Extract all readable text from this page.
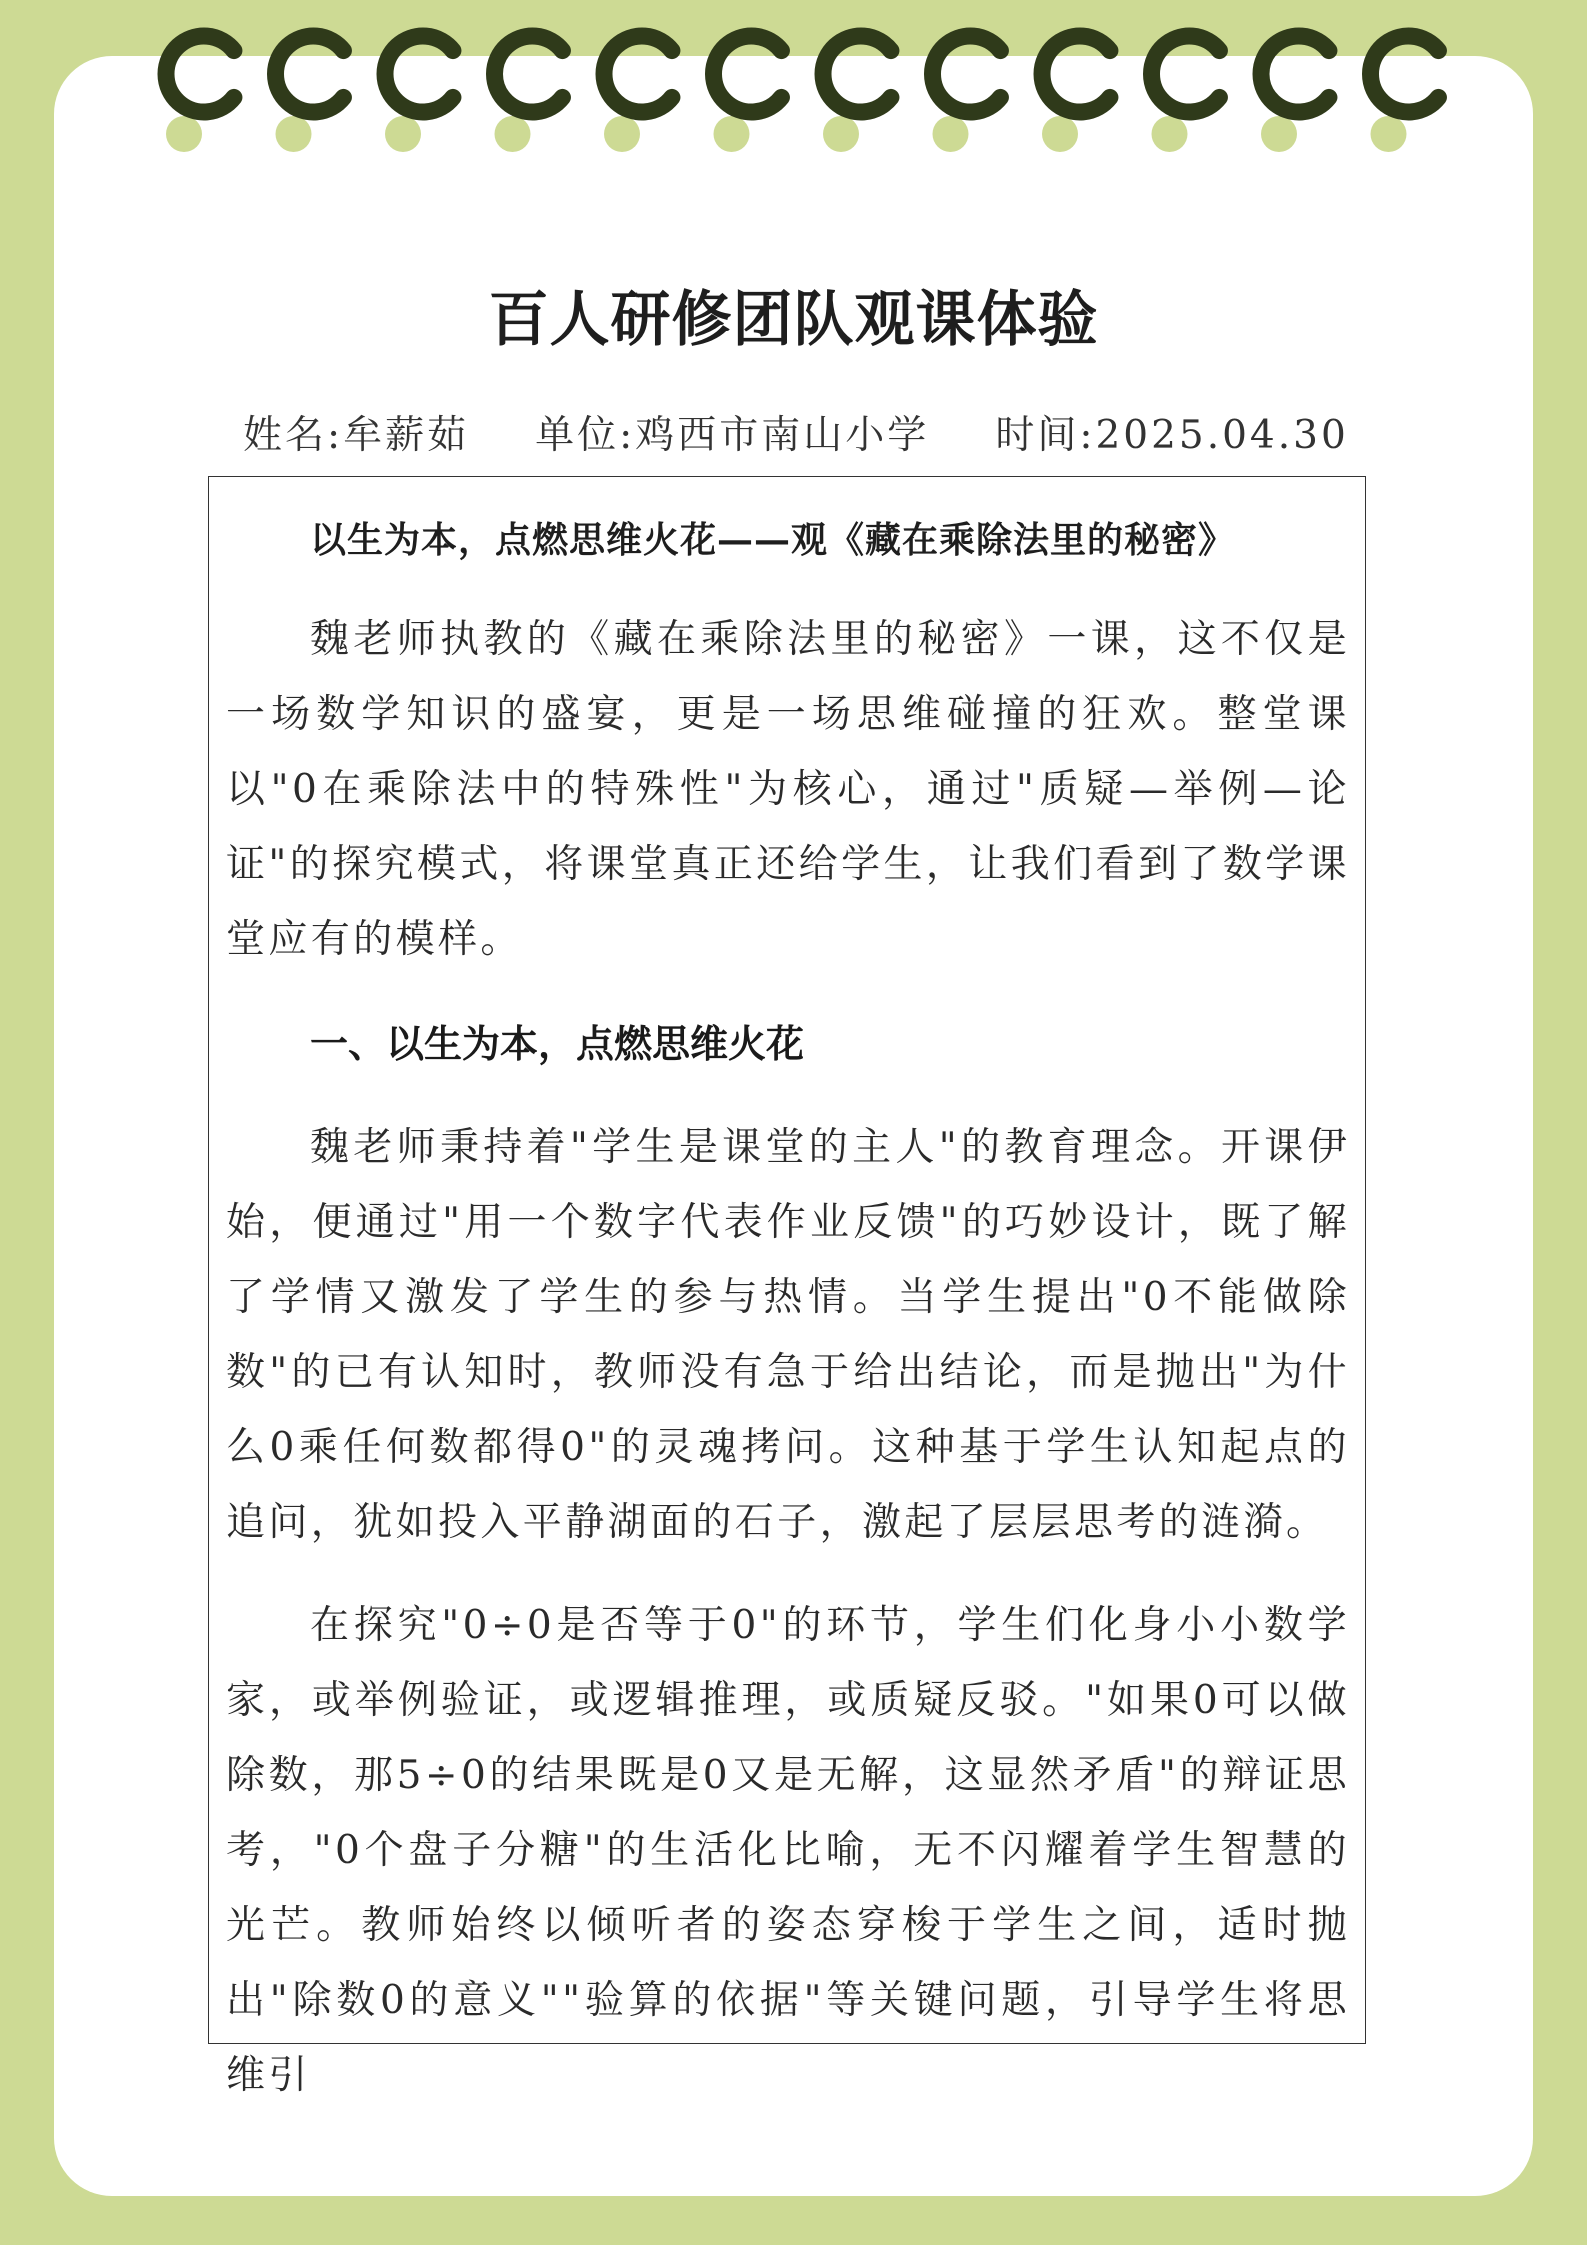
百人研修团队观课体验
姓名:牟薪茹 单位:鸡西市南山小学 时间:2025.04.30
以生为本，点燃思维火花——观《藏在乘除法里的秘密》

魏老师执教的《藏在乘除法里的秘密》一课，这不仅是一场数学知识的盛宴，更是一场思维碰撞的狂欢。整堂课以"0在乘除法中的特殊性"为核心，通过"质疑—举例—论证"的探究模式，将课堂真正还给学生，让我们看到了数学课堂应有的模样。

一、以生为本，点燃思维火花

魏老师秉持着"学生是课堂的主人"的教育理念。开课伊始，便通过"用一个数字代表作业反馈"的巧妙设计，既了解了学情又激发了学生的参与热情。当学生提出"0不能做除数"的已有认知时，教师没有急于给出结论，而是抛出"为什么0乘任何数都得0"的灵魂拷问。这种基于学生认知起点的追问，犹如投入平静湖面的石子，激起了层层思考的涟漪。

在探究"0÷0是否等于0"的环节，学生们化身小小数学家，或举例验证，或逻辑推理，或质疑反驳。"如果0可以做除数，那5÷0的结果既是0又是无解，这显然矛盾"的辩证思考，"0个盘子分糖"的生活化比喻，无不闪耀着学生智慧的光芒。教师始终以倾听者的姿态穿梭于学生之间，适时抛出"除数0的意义""验算的依据"等关键问题，引导学生将思维引
